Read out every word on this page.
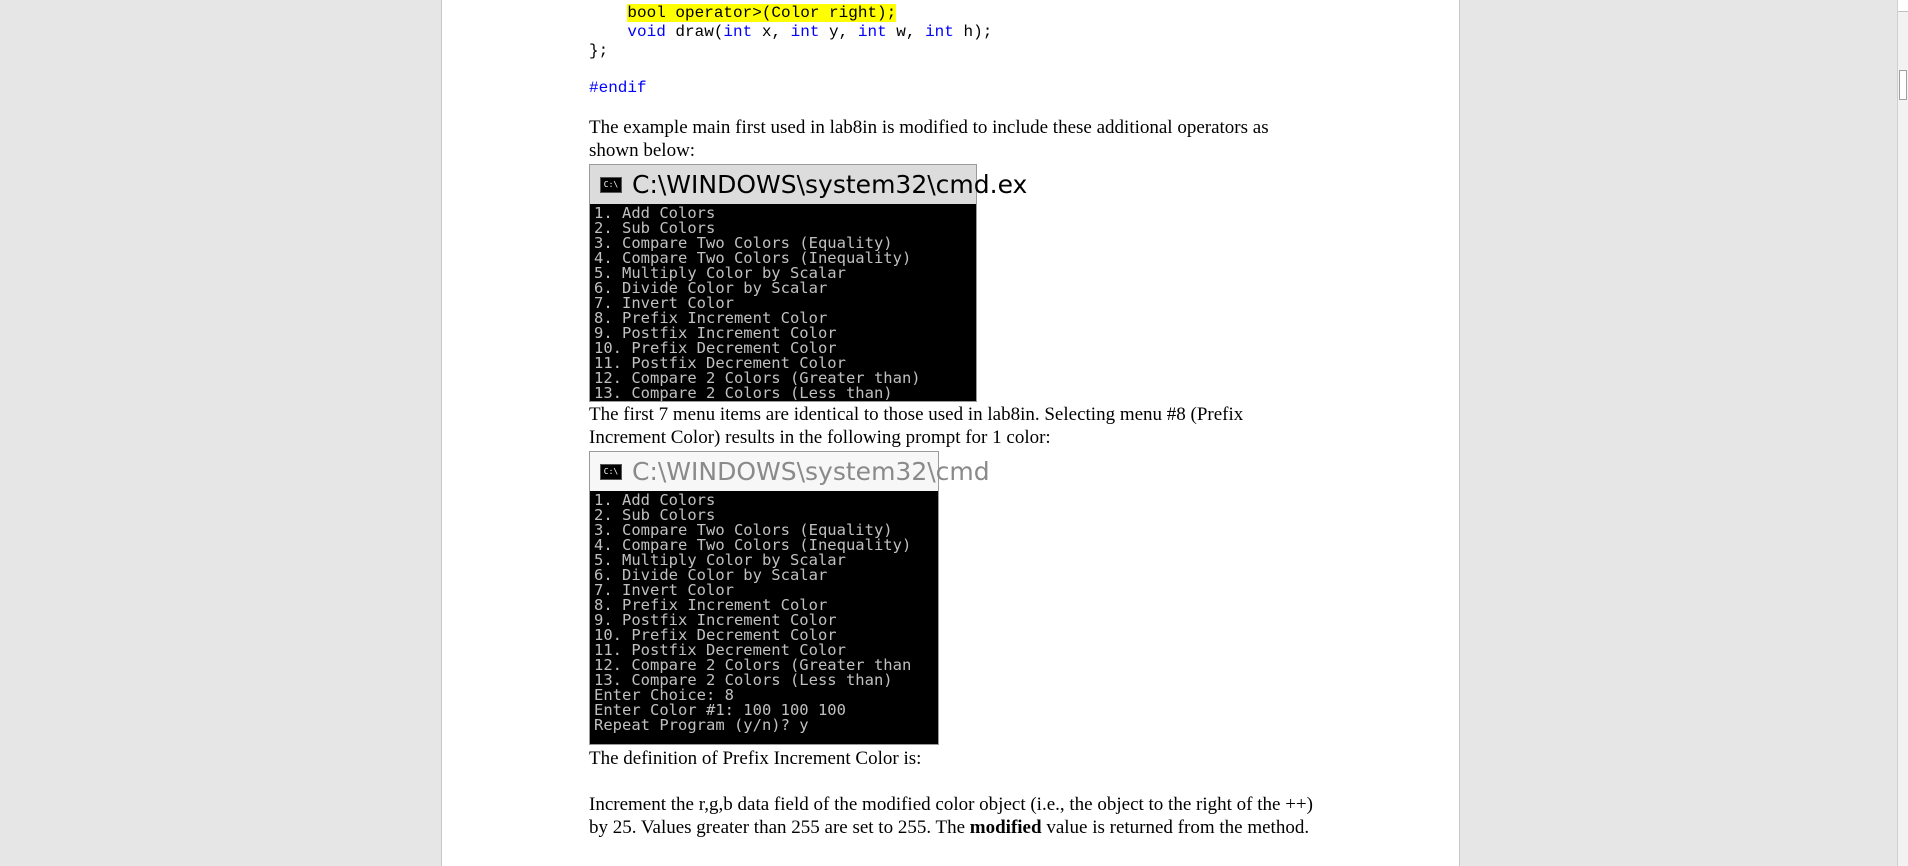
bool operator>(Color right);
void draw(int x, int y, int w, int h);
};
#endif

The example main first used in lab8in is modified to include these additional operators as shown below:

C:\ C:\WINDOWS\system32\cmd.ex
1. Add Colors
2. Sub Colors
3. Compare Two Colors (Equality)
4. Compare Two Colors (Inequality)
5. Multiply Color by Scalar
6. Divide Color by Scalar
7. Invert Color
8. Prefix Increment Color
9. Postfix Increment Color
10. Prefix Decrement Color
11. Postfix Decrement Color
12. Compare 2 Colors (Greater than)
13. Compare 2 Colors (Less than)

The first 7 menu items are identical to those used in lab8in. Selecting menu #8 (Prefix Increment Color) results in the following prompt for 1 color:

C:\ C:\WINDOWS\system32\cmd
1. Add Colors
2. Sub Colors
3. Compare Two Colors (Equality)
4. Compare Two Colors (Inequality)
5. Multiply Color by Scalar
6. Divide Color by Scalar
7. Invert Color
8. Prefix Increment Color
9. Postfix Increment Color
10. Prefix Decrement Color
11. Postfix Decrement Color
12. Compare 2 Colors (Greater than
13. Compare 2 Colors (Less than)
Enter Choice: 8
Enter Color #1: 100 100 100
Repeat Program (y/n)? y

The definition of Prefix Increment Color is:

Increment the r,g,b data field of the modified color object (i.e., the object to the right of the ++) by 25. Values greater than 255 are set to 255. The modified value is returned from the method.
